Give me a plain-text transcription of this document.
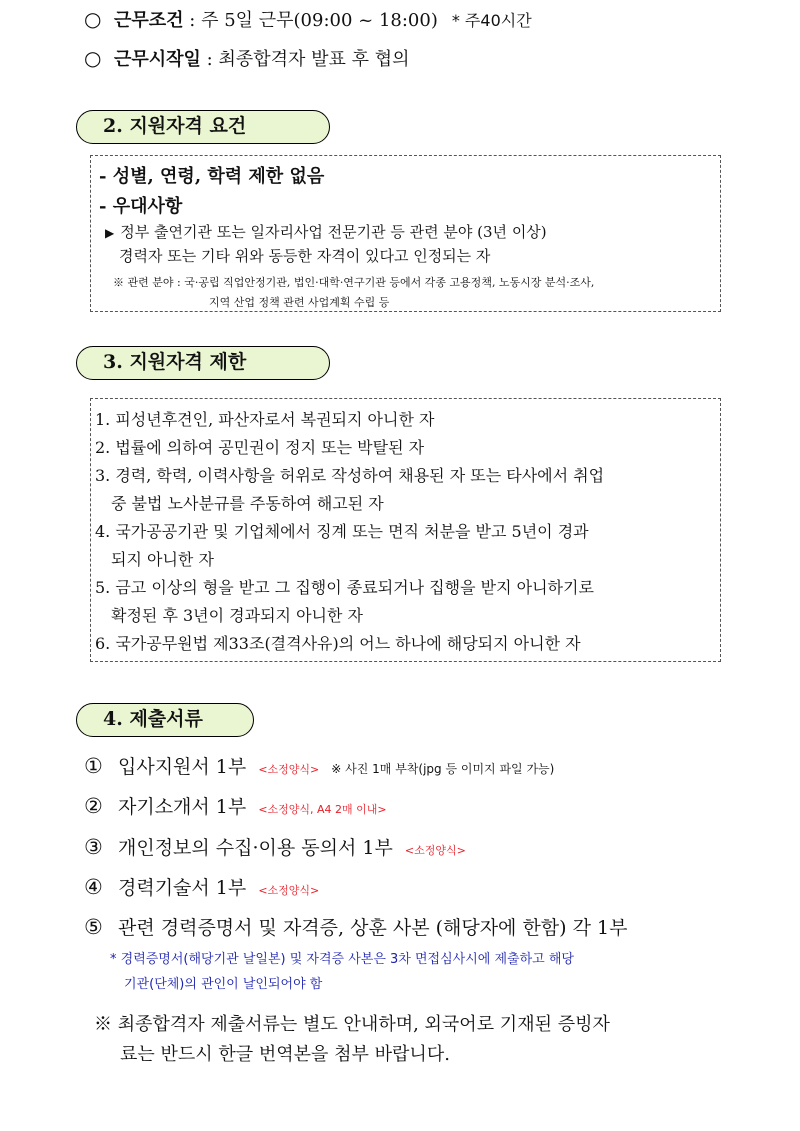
○ 근무조건 : 주 5일 근무(09:00 ~ 18:00) * 주40시간
○ 근무시작일 : 최종합격자 발표 후 협의
2. 지원자격 요건
- 성별, 연령, 학력 제한 없음
- 우대사항
▶ 정부 출연기관 또는 일자리사업 전문기관 등 관련 분야 (3년 이상)
경력자 또는 기타 위와 동등한 자격이 있다고 인정되는 자
※ 관련 분야 : 국·공립 직업안정기관, 법인·대학·연구기관 등에서 각종 고용정책, 노동시장 분석·조사,
지역 산업 정책 관련 사업계획 수립 등
3. 지원자격 제한
1. 피성년후견인, 파산자로서 복권되지 아니한 자
2. 법률에 의하여 공민권이 정지 또는 박탈된 자
3. 경력, 학력, 이력사항을 허위로 작성하여 채용된 자 또는 타사에서 취업
중 불법 노사분규를 주동하여 해고된 자
4. 국가공공기관 및 기업체에서 징계 또는 면직 처분을 받고 5년이 경과
되지 아니한 자
5. 금고 이상의 형을 받고 그 집행이 종료되거나 집행을 받지 아니하기로
확정된 후 3년이 경과되지 아니한 자
6. 국가공무원법 제33조(결격사유)의 어느 하나에 해당되지 아니한 자
4. 제출서류
① 입사지원서 1부 <소정양식> ※ 사진 1매 부착(jpg 등 이미지 파일 가능)
② 자기소개서 1부 <소정양식, A4 2매 이내>
③ 개인정보의 수집·이용 동의서 1부 <소정양식>
④ 경력기술서 1부 <소정양식>
⑤ 관련 경력증명서 및 자격증, 상훈 사본 (해당자에 한함) 각 1부
* 경력증명서(해당기관 날일본) 및 자격증 사본은 3차 면접심사시에 제출하고 해당
기관(단체)의 관인이 날인되어야 함
※ 최종합격자 제출서류는 별도 안내하며, 외국어로 기재된 증빙자
료는 반드시 한글 번역본을 첨부 바랍니다.
